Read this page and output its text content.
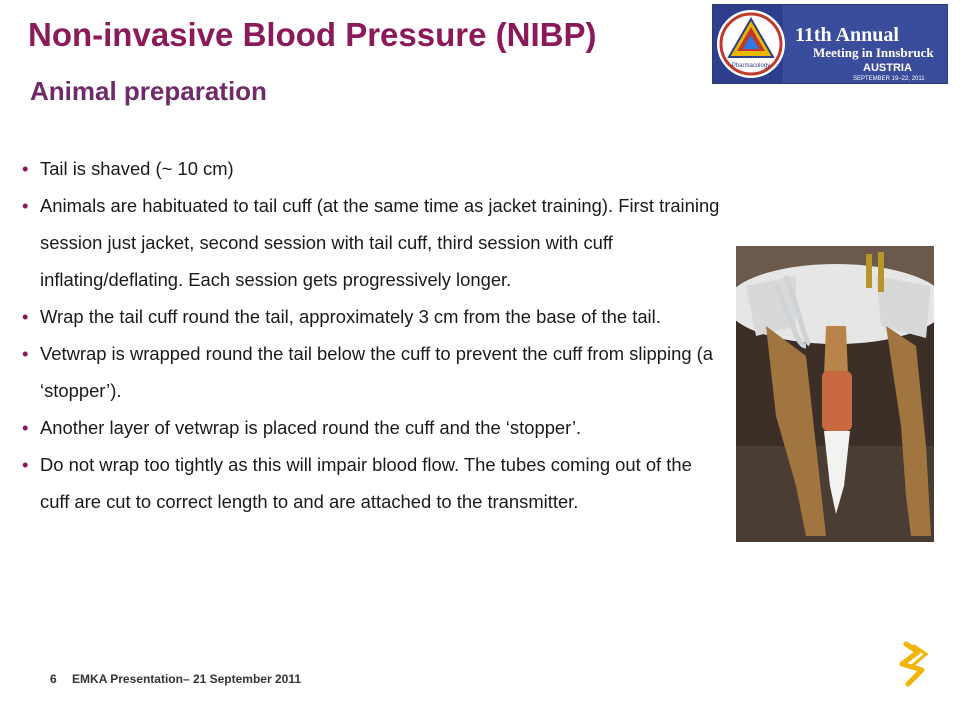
Non-invasive Blood Pressure (NIBP)
Animal preparation
Pharmacology
11th Annual
Meeting in Innsbruck
AUSTRIA
SEPTEMBER 19–22, 2011
• Tail is shaved (~ 10 cm)
• Animals are habituated to tail cuff (at the same time as jacket training). First training session just jacket, second session with tail cuff, third session with cuff inflating/deflating. Each session gets progressively longer.
• Wrap the tail cuff round the tail, approximately 3 cm from the base of the tail.
• Vetwrap is wrapped round the tail below the cuff to prevent the cuff from slipping (a ‘stopper’).
• Another layer of vetwrap is placed round the cuff and the ‘stopper’.
• Do not wrap too tightly as this will impair blood flow. The tubes coming out of the cuff are cut to correct length to and are attached to the transmitter.
6 EMKA Presentation– 21 September 2011
